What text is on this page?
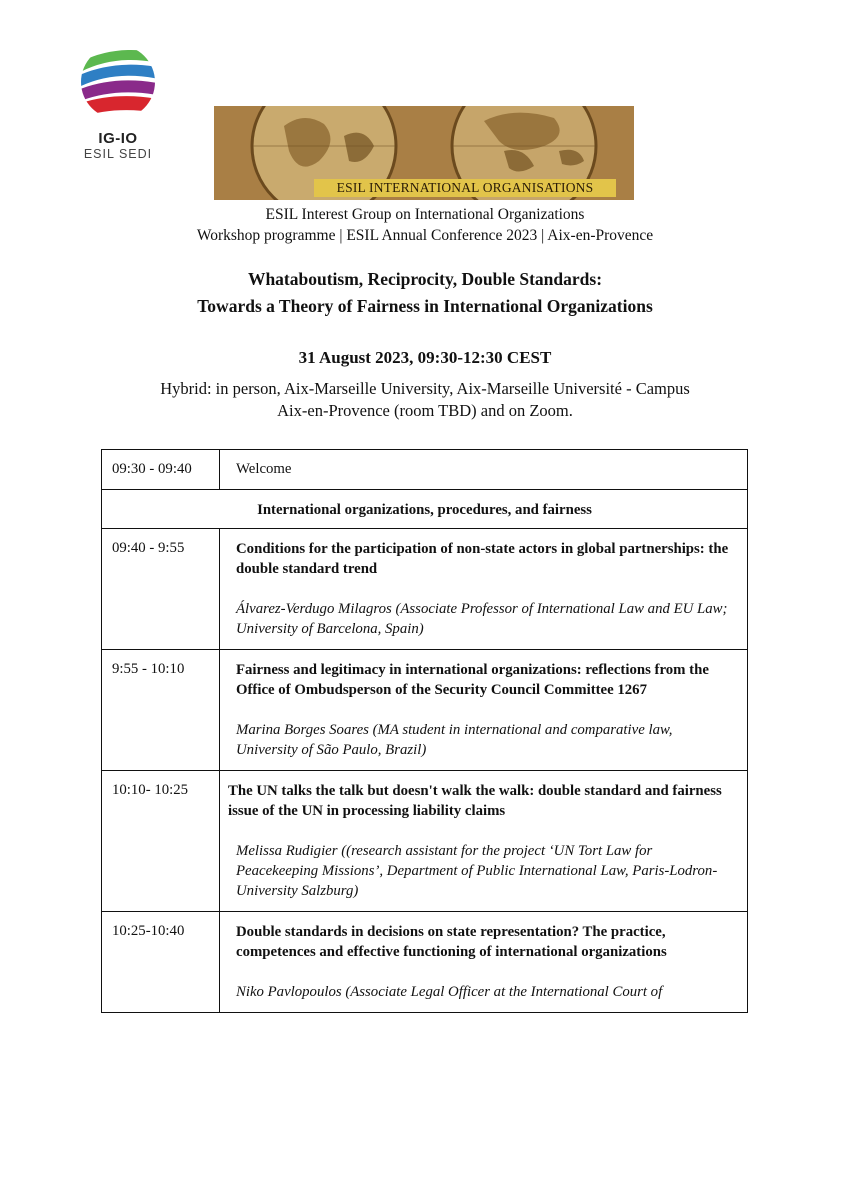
IG-IO
ESIL SEDI
ESIL INTERNATIONAL ORGANISATIONS
ESIL Interest Group on International Organizations
Workshop programme | ESIL Annual Conference 2023 | Aix-en-Provence
Whataboutism, Reciprocity, Double Standards:
Towards a Theory of Fairness in International Organizations
31 August 2023, 09:30-12:30 CEST
Hybrid: in person, Aix-Marseille University, Aix-Marseille Université - Campus
Aix-en-Provence (room TBD) and on Zoom.
09:30 - 09:40	Welcome
International organizations, procedures, and fairness	
09:40 - 9:55	Conditions for the participation of non-state actors in global partnerships: the double standard trend
Álvarez-Verdugo Milagros (Associate Professor of International Law and EU Law; University of Barcelona, Spain)

9:55 - 10:10	Fairness and legitimacy in international organizations: reflections from the Office of Ombudsperson of the Security Council Committee 1267
Marina Borges Soares (MA student in international and comparative law, University of São Paulo, Brazil)

10:10- 10:25	The UN talks the talk but doesn't walk the walk: double standard and fairness issue of the UN in processing liability claims
Melissa Rudigier ((research assistant for the project ‘UN Tort Law for Peacekeeping Missions’, Department of Public International Law, Paris-Lodron-University Salzburg)

10:25-10:40	Double standards in decisions on state representation? The practice, competences and effective functioning of international organizations
Niko Pavlopoulos (Associate Legal Officer at the International Court of
